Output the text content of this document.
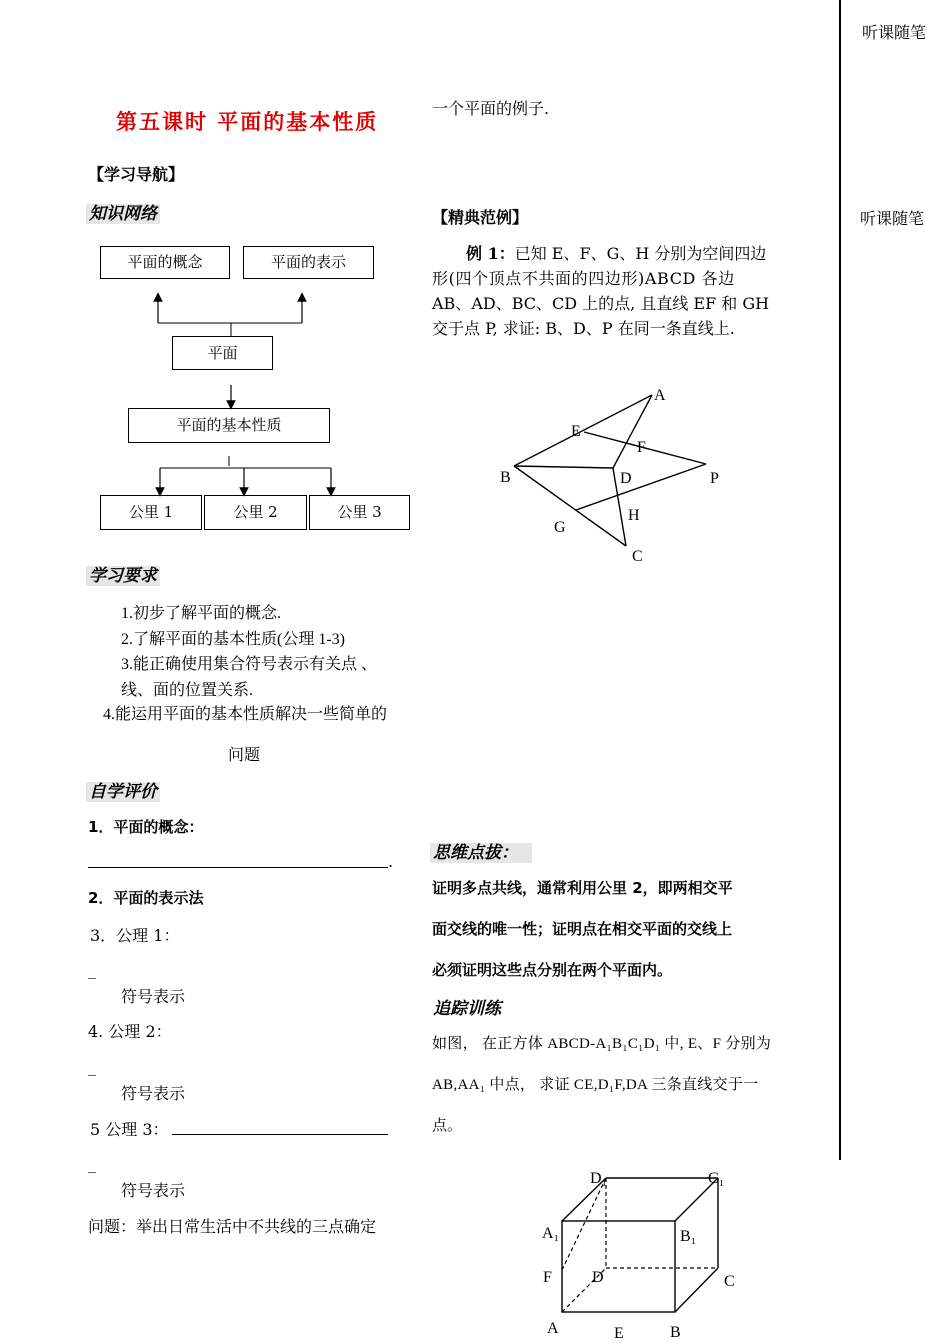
听课随笔
听课随笔
第五课时 平面的基本性质
【学习导航】
知识网络
平面的概念	平面的表示
平面
平面的基本性质
公里 1	公里 2	公里 3
学习要求
1.初步了解平面的概念.
2.了解平面的基本性质(公理 1-3)
3.能正确使用集合符号表示有关点 、
线、面的位置关系.
4.能运用平面的基本性质解决一些简单的
问题
自学评价
1．平面的概念：
.
2．平面的表示法
3．公理 1：
_
符号表示
4. 公理 2：
_
符号表示
5 公理 3：
_
符号表示
问题：举出日常生活中不共线的三点确定
一个平面的例子.
【精典范例】
例 1：已知 E、F、G、H 分别为空间四边
形(四个顶点不共面的四边形)ABCD 各边
AB、AD、BC、CD 上的点, 且直线 EF 和 GH
交于点 P, 求证: B、D、P 在同一条直线上.
A
E
F
B	D	P
G
H
C
思维点拔：
证明多点共线，通常利用公里 2，即两相交平
面交线的唯一性；证明点在相交平面的交线上
必须证明这些点分别在两个平面内。
追踪训练
如图， 在正方体 ABCD-A₁B₁C₁D₁ 中, E、F 分别为
AB,AA₁ 中点， 求证 CE,D₁F,DA 三条直线交于一
点。
D₁	C₁
A₁	B₁
F	D	C
A	E	B
